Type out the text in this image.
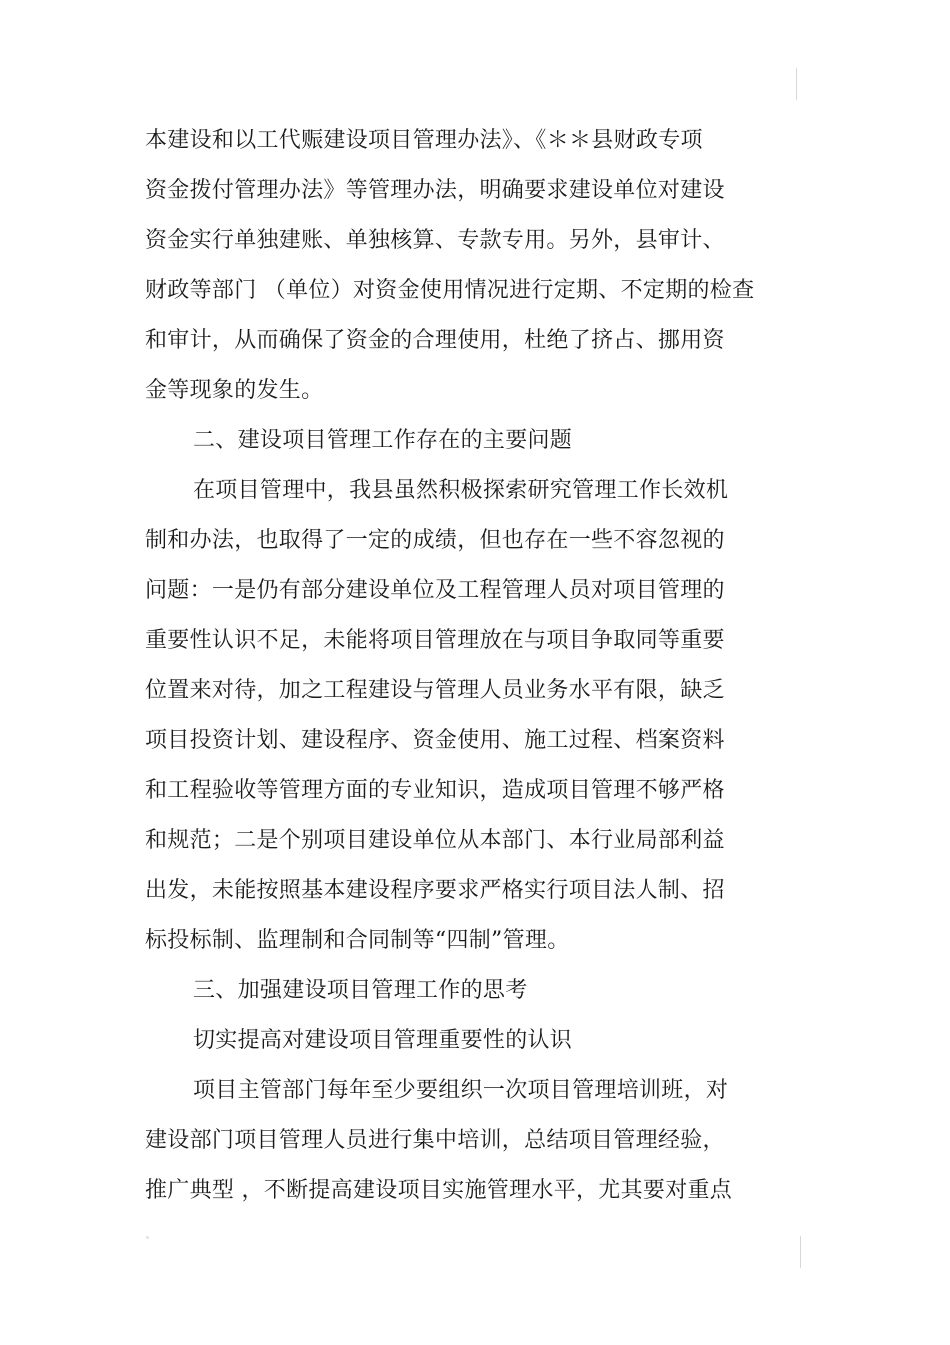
本建设和以工代赈建设项目管理办法》、《＊＊县财政专项
资金拨付管理办法》等管理办法，明确要求建设单位对建设
资金实行单独建账、单独核算、专款专用。另外，县审计、
财政等部门 （单位）对资金使用情况进行定期、不定期的检查
和审计，从而确保了资金的合理使用，杜绝了挤占、挪用资
金等现象的发生。
二、建设项目管理工作存在的主要问题
在项目管理中，我县虽然积极探索研究管理工作长效机
制和办法，也取得了一定的成绩，但也存在一些不容忽视的
问题：一是仍有部分建设单位及工程管理人员对项目管理的
重要性认识不足，未能将项目管理放在与项目争取同等重要
位置来对待，加之工程建设与管理人员业务水平有限，缺乏
项目投资计划、建设程序、资金使用、施工过程、档案资料
和工程验收等管理方面的专业知识，造成项目管理不够严格
和规范；二是个别项目建设单位从本部门、本行业局部利益
出发，未能按照基本建设程序要求严格实行项目法人制、招
标投标制、监理制和合同制等“四制”管理。
三、加强建设项目管理工作的思考
切实提高对建设项目管理重要性的认识
项目主管部门每年至少要组织一次项目管理培训班，对
建设部门项目管理人员进行集中培训，总结项目管理经验，
推广典型 ，不断提高建设项目实施管理水平，尤其要对重点
